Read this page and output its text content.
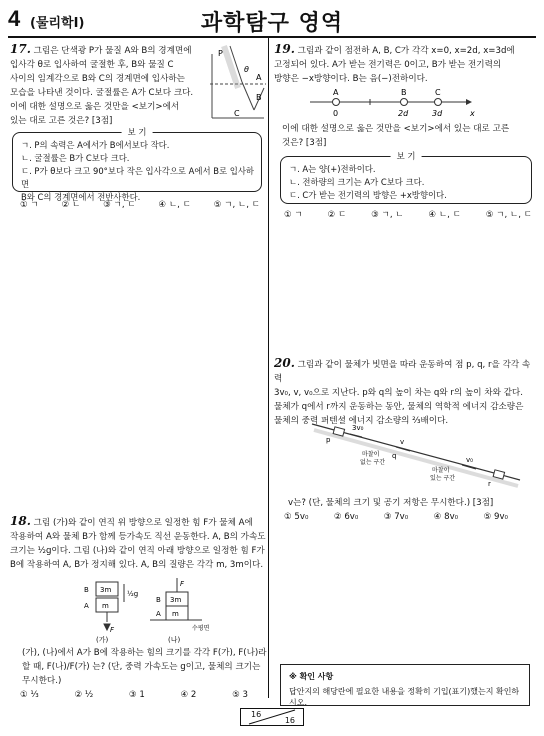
4 (물리학Ⅰ)	과학탐구 영역
17. 그림은 단색광 P가 물질 A와 B의 경계면에
입사각 θ로 입사하여 굴절한 후, B와 물질 C
사이의 임계각으로 B와 C의 경계면에 입사하는
모습을 나타낸 것이다. 굴절률은 A가 C보다 크다.
이에 대한 설명으로 옳은 것만을 <보기>에서
있는 대로 고른 것은? [3점]
P
θ
A
B
C
보 기
ㄱ. P의 속력은 A에서가 B에서보다 작다.
ㄴ. 굴절률은 B가 C보다 크다.
ㄷ. P가 θ보다 크고 90°보다 작은 입사각으로 A에서 B로 입사하면
B와 C의 경계면에서 전반사한다.
① ㄱ	② ㄴ	③ ㄱ, ㄷ	④ ㄴ, ㄷ	⑤ ㄱ, ㄴ, ㄷ
18. 그림 (가)와 같이 연직 위 방향으로 일정한 힘 F가 물체 A에
작용하여 A와 물체 B가 함께 등가속도 직선 운동한다. A, B의 가속도
크기는 ½g이다. 그림 (나)와 같이 연직 아래 방향으로 일정한 힘 F가
B에 작용하여 A, B가 정지해 있다. A, B의 질량은 각각 m, 3m이다.
B
A
3m
m
½g
F
F
B
A
3m
m
수평면
(가)	(나)
(가), (나)에서 A가 B에 작용하는 힘의 크기를 각각 F(가), F(나)라
할 때, F(나)/F(가) 는? (단, 중력 가속도는 g이고, 물체의 크기는 무시한다.)
① ⅓	② ½	③ 1	④ 2	⑤ 3
19. 그림과 같이 점전하 A, B, C가 각각 x=0, x=2d, x=3d에
고정되어 있다. A가 받는 전기력은 0이고, B가 받는 전기력의
방향은 −x방향이다. B는 음(−)전하이다.
A	B	C
0	2d	3d	x
이에 대한 설명으로 옳은 것만을 <보기>에서 있는 대로 고른
것은? [3점]
보 기
ㄱ. A는 양(+)전하이다.
ㄴ. 전하량의 크기는 A가 C보다 크다.
ㄷ. C가 받는 전기력의 방향은 +x방향이다.
① ㄱ	② ㄷ	③ ㄱ, ㄴ	④ ㄴ, ㄷ	⑤ ㄱ, ㄴ, ㄷ
20. 그림과 같이 물체가 빗면을 따라 운동하여 점 p, q, r을 각각 속력
3v₀, v, v₀으로 지난다. p와 q의 높이 차는 q와 r의 높이 차와 같다.
물체가 q에서 r까지 운동하는 동안, 물체의 역학적 에너지 감소량은
물체의 중력 퍼텐셜 에너지 감소량의 ⅔배이다.
3v₀
v
v₀
p
q
r
마찰이 없는 구간
마찰이 있는 구간
v는? (단, 물체의 크기 및 공기 저항은 무시한다.) [3점]
① 5v₀	② 6v₀	③ 7v₀	④ 8v₀	⑤ 9v₀
※ 확인 사항
답안지의 해당란에 필요한 내용을 정확히 기입(표기)했는지 확인하시오.
16
16
